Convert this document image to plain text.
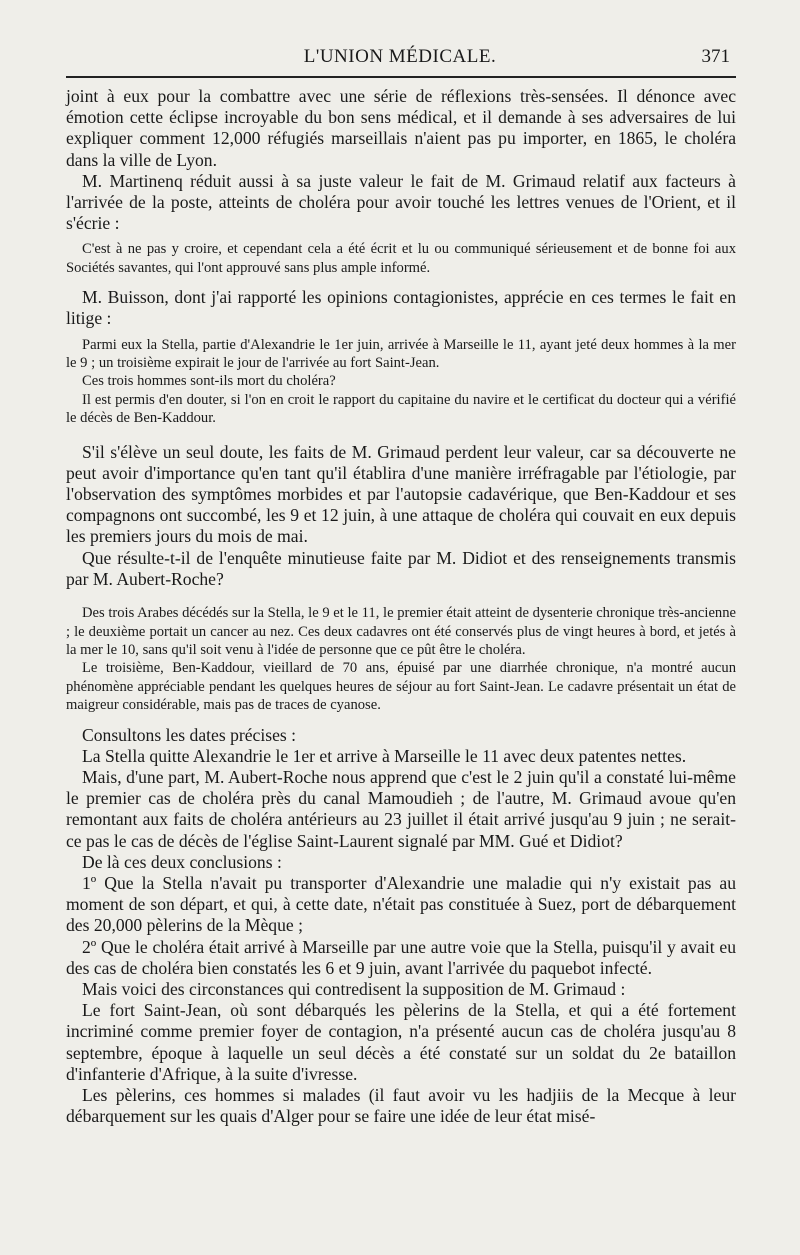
L'UNION MÉDICALE.	371

joint à eux pour la combattre avec une série de réflexions très-sensées. Il dénonce avec émotion cette éclipse incroyable du bon sens médical, et il demande à ses adversaires de lui expliquer comment 12,000 réfugiés marseillais n'aient pas pu importer, en 1865, le choléra dans la ville de Lyon.

M. Martinenq réduit aussi à sa juste valeur le fait de M. Grimaud relatif aux facteurs à l'arrivée de la poste, atteints de choléra pour avoir touché les lettres venues de l'Orient, et il s'écrie :

C'est à ne pas y croire, et cependant cela a été écrit et lu ou communiqué sérieusement et de bonne foi aux Sociétés savantes, qui l'ont approuvé sans plus ample informé.

M. Buisson, dont j'ai rapporté les opinions contagionistes, apprécie en ces termes le fait en litige :

Parmi eux la Stella, partie d'Alexandrie le 1er juin, arrivée à Marseille le 11, ayant jeté deux hommes à la mer le 9 ; un troisième expirait le jour de l'arrivée au fort Saint-Jean.

Ces trois hommes sont-ils mort du choléra?

Il est permis d'en douter, si l'on en croit le rapport du capitaine du navire et le certificat du docteur qui a vérifié le décès de Ben-Kaddour.

S'il s'élève un seul doute, les faits de M. Grimaud perdent leur valeur, car sa découverte ne peut avoir d'importance qu'en tant qu'il établira d'une manière irréfragable par l'étiologie, par l'observation des symptômes morbides et par l'autopsie cadavérique, que Ben-Kaddour et ses compagnons ont succombé, les 9 et 12 juin, à une attaque de choléra qui couvait en eux depuis les premiers jours du mois de mai.

Que résulte-t-il de l'enquête minutieuse faite par M. Didiot et des renseignements transmis par M. Aubert-Roche?

Des trois Arabes décédés sur la Stella, le 9 et le 11, le premier était atteint de dysenterie chronique très-ancienne ; le deuxième portait un cancer au nez. Ces deux cadavres ont été conservés plus de vingt heures à bord, et jetés à la mer le 10, sans qu'il soit venu à l'idée de personne que ce pût être le choléra.

Le troisième, Ben-Kaddour, vieillard de 70 ans, épuisé par une diarrhée chronique, n'a montré aucun phénomène appréciable pendant les quelques heures de séjour au fort Saint-Jean. Le cadavre présentait un état de maigreur considérable, mais pas de traces de cyanose.

Consultons les dates précises :

La Stella quitte Alexandrie le 1er et arrive à Marseille le 11 avec deux patentes nettes.

Mais, d'une part, M. Aubert-Roche nous apprend que c'est le 2 juin qu'il a constaté lui-même le premier cas de choléra près du canal Mamoudieh ; de l'autre, M. Grimaud avoue qu'en remontant aux faits de choléra antérieurs au 23 juillet il était arrivé jusqu'au 9 juin ; ne serait-ce pas le cas de décès de l'église Saint-Laurent signalé par MM. Gué et Didiot?

De là ces deux conclusions :

1º Que la Stella n'avait pu transporter d'Alexandrie une maladie qui n'y existait pas au moment de son départ, et qui, à cette date, n'était pas constituée à Suez, port de débarquement des 20,000 pèlerins de la Mèque ;

2º Que le choléra était arrivé à Marseille par une autre voie que la Stella, puisqu'il y avait eu des cas de choléra bien constatés les 6 et 9 juin, avant l'arrivée du paquebot infecté.

Mais voici des circonstances qui contredisent la supposition de M. Grimaud :

Le fort Saint-Jean, où sont débarqués les pèlerins de la Stella, et qui a été fortement incriminé comme premier foyer de contagion, n'a présenté aucun cas de choléra jusqu'au 8 septembre, époque à laquelle un seul décès a été constaté sur un soldat du 2e bataillon d'infanterie d'Afrique, à la suite d'ivresse.

Les pèlerins, ces hommes si malades (il faut avoir vu les hadjiis de la Mecque à leur débarquement sur les quais d'Alger pour se faire une idée de leur état misé-
